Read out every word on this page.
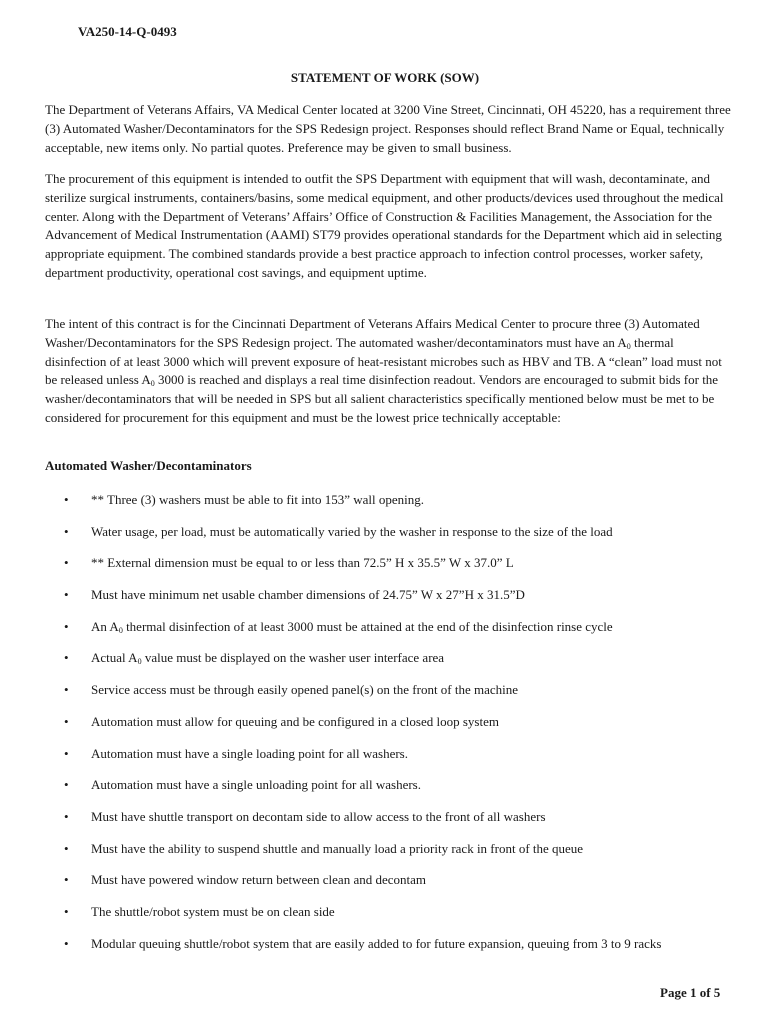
VA250-14-Q-0493
STATEMENT OF WORK (SOW)

The Department of Veterans Affairs, VA Medical Center located at 3200 Vine Street, Cincinnati, OH 45220, has a requirement three (3) Automated Washer/Decontaminators for the SPS Redesign project. Responses should reflect Brand Name or Equal, technically acceptable, new items only. No partial quotes. Preference may be given to small business.

The procurement of this equipment is intended to outfit the SPS Department with equipment that will wash, decontaminate, and sterilize surgical instruments, containers/basins, some medical equipment, and other products/devices used throughout the medical center. Along with the Department of Veterans’ Affairs’ Office of Construction & Facilities Management, the Association for the Advancement of Medical Instrumentation (AAMI) ST79 provides operational standards for the Department which aid in selecting appropriate equipment. The combined standards provide a best practice approach to infection control processes, worker safety, department productivity, operational cost savings, and equipment uptime.

The intent of this contract is for the Cincinnati Department of Veterans Affairs Medical Center to procure three (3) Automated Washer/Decontaminators for the SPS Redesign project. The automated washer/decontaminators must have an $A_0$ thermal disinfection of at least 3000 which will prevent exposure of heat-resistant microbes such as HBV and TB. A “clean” load must not be released unless $A_0$ 3000 is reached and displays a real time disinfection readout. Vendors are encouraged to submit bids for the washer/decontaminators that will be needed in SPS but all salient characteristics specifically mentioned below must be met to be considered for procurement for this equipment and must be the lowest price technically acceptable:

Automated Washer/Decontaminators
• ** Three (3) washers must be able to fit into 153” wall opening.
• Water usage, per load, must be automatically varied by the washer in response to the size of the load
• ** External dimension must be equal to or less than 72.5” H x 35.5” W x 37.0” L
• Must have minimum net usable chamber dimensions of 24.75” W x 27”H x 31.5”D
• An $A_0$ thermal disinfection of at least 3000 must be attained at the end of the disinfection rinse cycle
• Actual $A_0$ value must be displayed on the washer user interface area
• Service access must be through easily opened panel(s) on the front of the machine
• Automation must allow for queuing and be configured in a closed loop system
• Automation must have a single loading point for all washers.
• Automation must have a single unloading point for all washers.
• Must have shuttle transport on decontam side to allow access to the front of all washers
• Must have the ability to suspend shuttle and manually load a priority rack in front of the queue
• Must have powered window return between clean and decontam
• The shuttle/robot system must be on clean side
• Modular queuing shuttle/robot system that are easily added to for future expansion, queuing from 3 to 9 racks
Page 1 of 5
